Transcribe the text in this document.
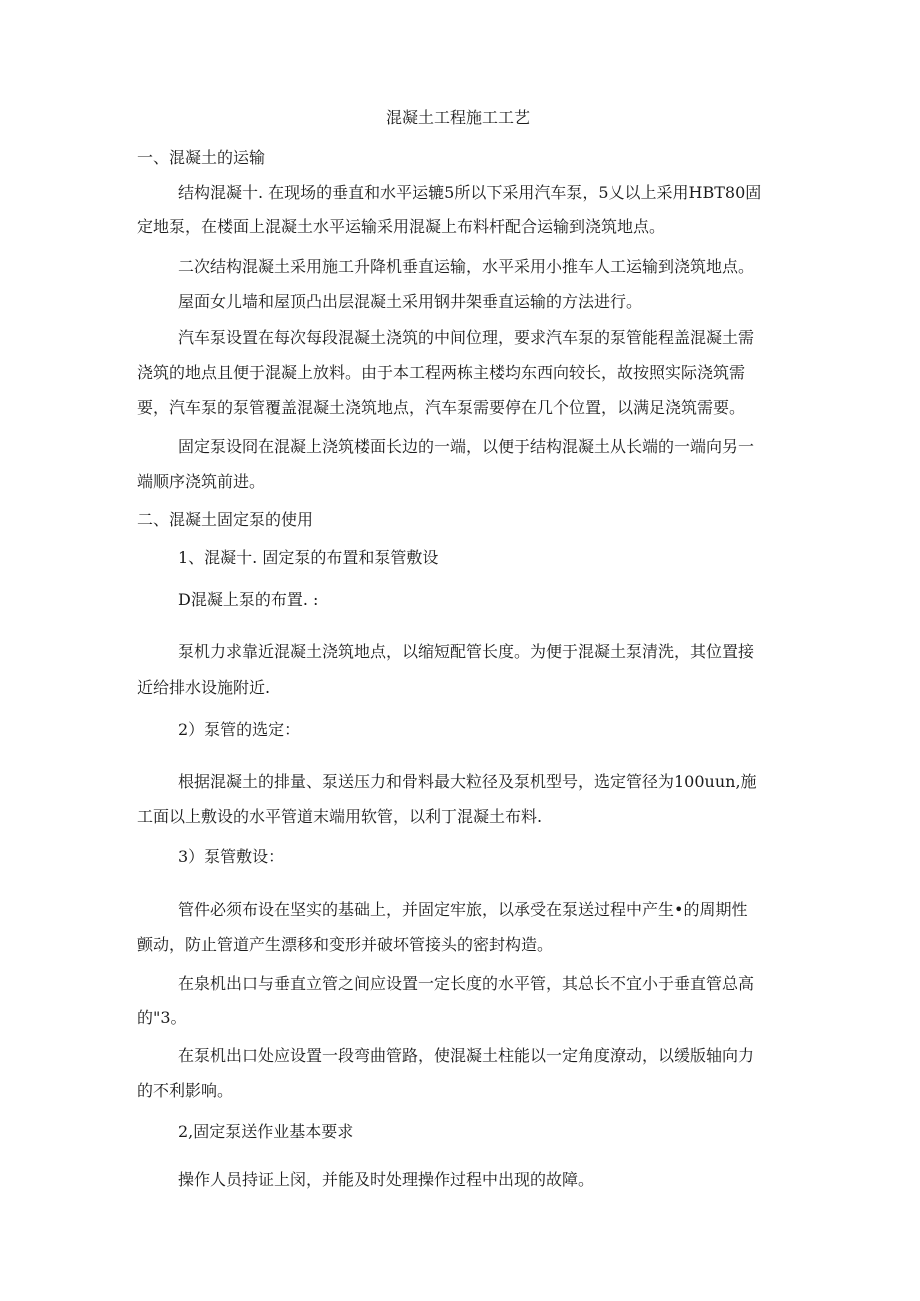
混凝土工程施工工艺
一、混凝土的运输
结构混凝十. 在现场的垂直和水平运辘5所以下采用汽车泵，5乂以上采用HBT80固
定地泵，在楼面上混凝土水平运输采用混凝上布料杆配合运输到浇筑地点。
二次结构混凝土采用施工升降机垂直运输，水平采用小推车人工运输到浇筑地点。
屋面女儿墙和屋顶凸出层混凝土采用钢井架垂直运输的方法进行。
汽车泵设置在每次每段混凝土浇筑的中间位理，要求汽车泵的泵管能程盖混凝土需
浇筑的地点且便于混凝上放料。由于本工程两栋主楼均东西向较长，故按照实际浇筑需
要，汽车泵的泵管覆盖混凝土浇筑地点，汽车泵需要停在几个位置，以满足浇筑需要。
固定泵设冏在混凝上浇筑楼面长边的一端，以便于结构混凝土从长端的一端向另一
端顺序浇筑前进。
二、混凝土固定泵的使用
1、混凝十. 固定泵的布置和泵管敷设
D混凝上泵的布置. :
泵机力求靠近混凝土浇筑地点，以缩短配管长度。为便于混凝土泵清洗，其位置接
近给排水设施附近.
2）泵管的选定：
根据混凝土的排量、泵送压力和骨料最大粒径及泵机型号，选定管径为100uun,施
工面以上敷设的水平管道末端用软管，以利丁混凝土布料.
3）泵管敷设：
管件必须布设在坚实的基础上，并固定牢旅，以承受在泵送过程中产生•的周期性
颤动，防止管道产生漂移和变形并破坏管接头的密封构造。
在泉机出口与垂直立管之间应设置一定长度的水平管，其总长不宜小于垂直管总高
的"3。
在泵机出口处应设置一段弯曲管路，使混凝土柱能以一定角度潦动，以缓版轴向力
的不利影响。
2,固定泵送作业基本要求
操作人员持证上闵，并能及时处理操作过程中出现的故障。
